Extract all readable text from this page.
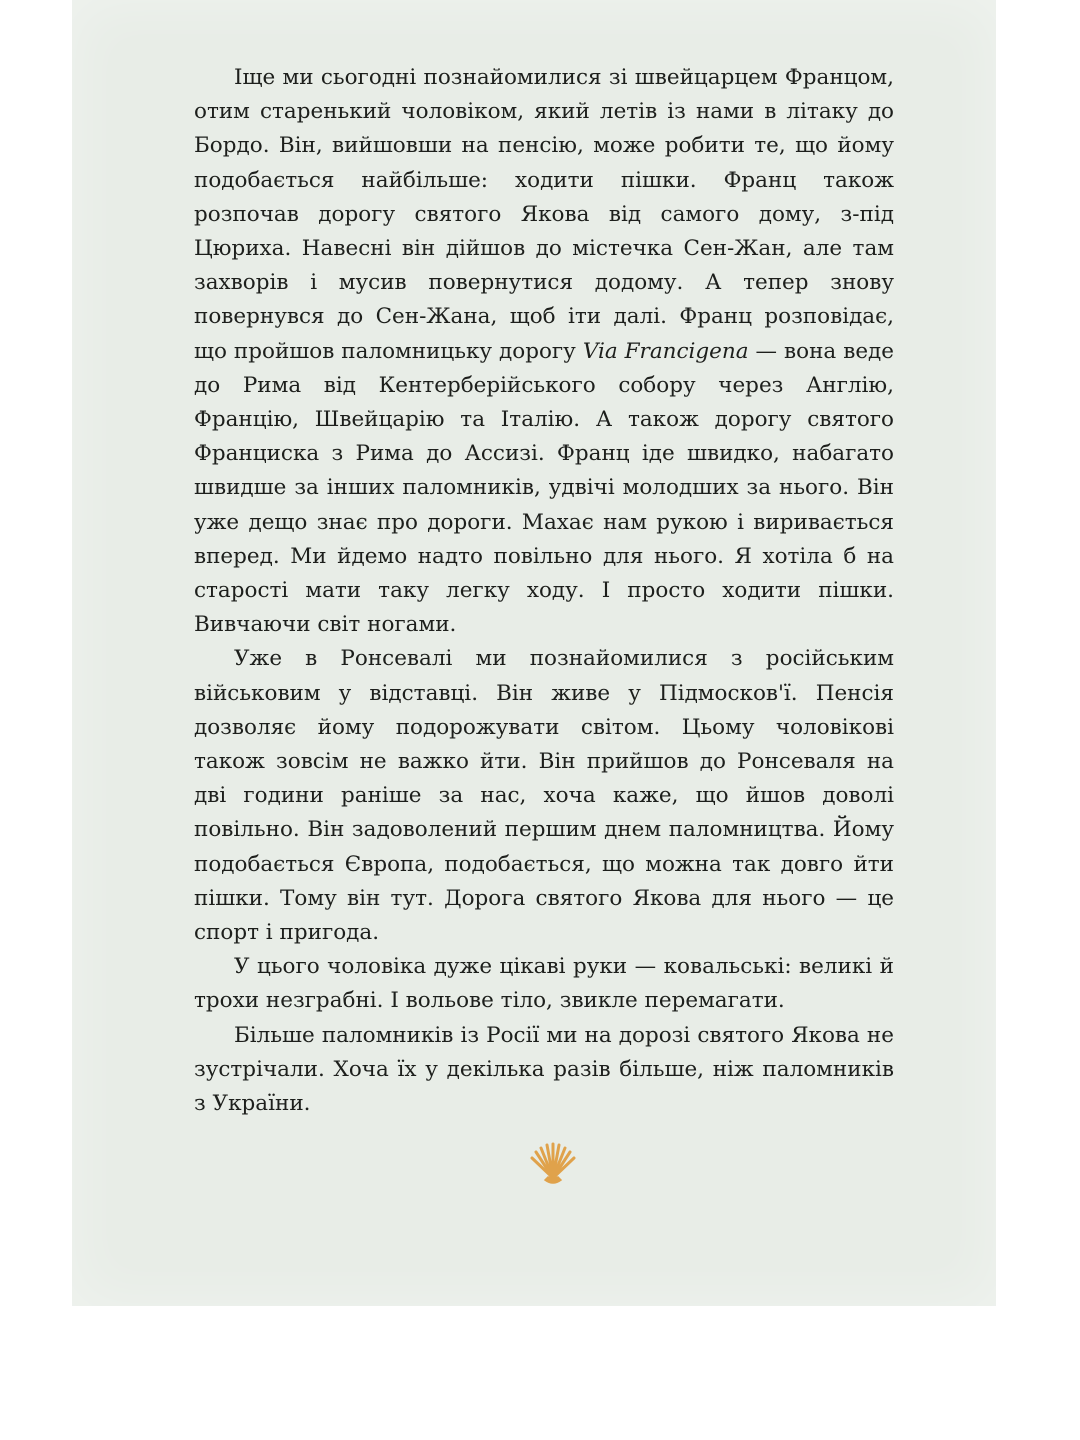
Іще ми сьогодні познайомилися зі швейцарцем Францом, отим старенький чоловіком, який летів із нами в літаку до Бордо. Він, вийшовши на пенсію, може робити те, що йому подобається найбільше: ходити пішки. Франц також розпочав дорогу святого Якова від самого дому, з-під Цюриха. Навесні він дійшов до містечка Сен-Жан, але там захворів і мусив повернутися додому. А тепер знову повернувся до Сен-Жана, щоб іти далі. Франц розповідає, що пройшов паломницьку дорогу Via Francigena — вона веде до Рима від Кентерберійського собору через Англію, Францію, Швейцарію та Італію. А також дорогу святого Франциска з Рима до Ассизі. Франц іде швидко, набагато швидше за інших паломників, удвічі молодших за нього. Він уже дещо знає про дороги. Махає нам рукою і виривається вперед. Ми йдемо надто повільно для нього. Я хотіла б на старості мати таку легку ходу. І просто ходити пішки. Вивчаючи світ ногами.

Уже в Ронсевалі ми познайомилися з російським військовим у відставці. Він живе у Підмосков'ї. Пенсія дозволяє йому подорожувати світом. Цьому чоловікові також зовсім не важко йти. Він прийшов до Ронсеваля на дві години раніше за нас, хоча каже, що йшов доволі повільно. Він задоволений першим днем паломництва. Йому подобається Європа, подобається, що можна так довго йти пішки. Тому він тут. Дорога святого Якова для нього — це спорт і пригода.

У цього чоловіка дуже цікаві руки — ковальські: великі й трохи незграбні. І вольове тіло, звикле перемагати.

Більше паломників із Росії ми на дорозі святого Якова не зустрічали. Хоча їх у декілька разів більше, ніж паломників з України.
